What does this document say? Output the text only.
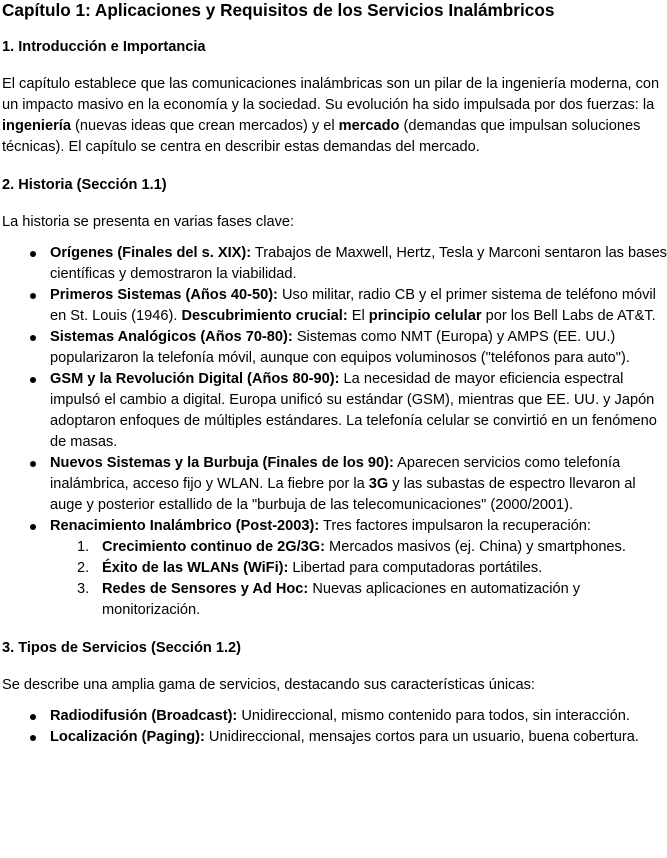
Capítulo 1: Aplicaciones y Requisitos de los Servicios Inalámbricos
1. Introducción e Importancia

El capítulo establece que las comunicaciones inalámbricas son un pilar de la ingeniería moderna, con un impacto masivo en la economía y la sociedad. Su evolución ha sido impulsada por dos fuerzas: la ingeniería (nuevas ideas que crean mercados) y el mercado (demandas que impulsan soluciones técnicas). El capítulo se centra en describir estas demandas del mercado.

2. Historia (Sección 1.1)

La historia se presenta en varias fases clave:

Orígenes (Finales del s. XIX): Trabajos de Maxwell, Hertz, Tesla y Marconi sentaron las bases científicas y demostraron la viabilidad.
Primeros Sistemas (Años 40-50): Uso militar, radio CB y el primer sistema de teléfono móvil en St. Louis (1946). Descubrimiento crucial: El principio celular por los Bell Labs de AT&T.
Sistemas Analógicos (Años 70-80): Sistemas como NMT (Europa) y AMPS (EE. UU.) popularizaron la telefonía móvil, aunque con equipos voluminosos ("teléfonos para auto").
GSM y la Revolución Digital (Años 80-90): La necesidad de mayor eficiencia espectral impulsó el cambio a digital. Europa unificó su estándar (GSM), mientras que EE. UU. y Japón adoptaron enfoques de múltiples estándares. La telefonía celular se convirtió en un fenómeno de masas.
Nuevos Sistemas y la Burbuja (Finales de los 90): Aparecen servicios como telefonía inalámbrica, acceso fijo y WLAN. La fiebre por la 3G y las subastas de espectro llevaron al auge y posterior estallido de la "burbuja de las telecomunicaciones" (2000/2001).
Renacimiento Inalámbrico (Post-2003): Tres factores impulsaron la recuperación:
1. Crecimiento continuo de 2G/3G: Mercados masivos (ej. China) y smartphones.
2. Éxito de las WLANs (WiFi): Libertad para computadoras portátiles.
3. Redes de Sensores y Ad Hoc: Nuevas aplicaciones en automatización y monitorización.
3. Tipos de Servicios (Sección 1.2)

Se describe una amplia gama de servicios, destacando sus características únicas:

Radiodifusión (Broadcast): Unidireccional, mismo contenido para todos, sin interacción.
Localización (Paging): Unidireccional, mensajes cortos para un usuario, buena cobertura.
